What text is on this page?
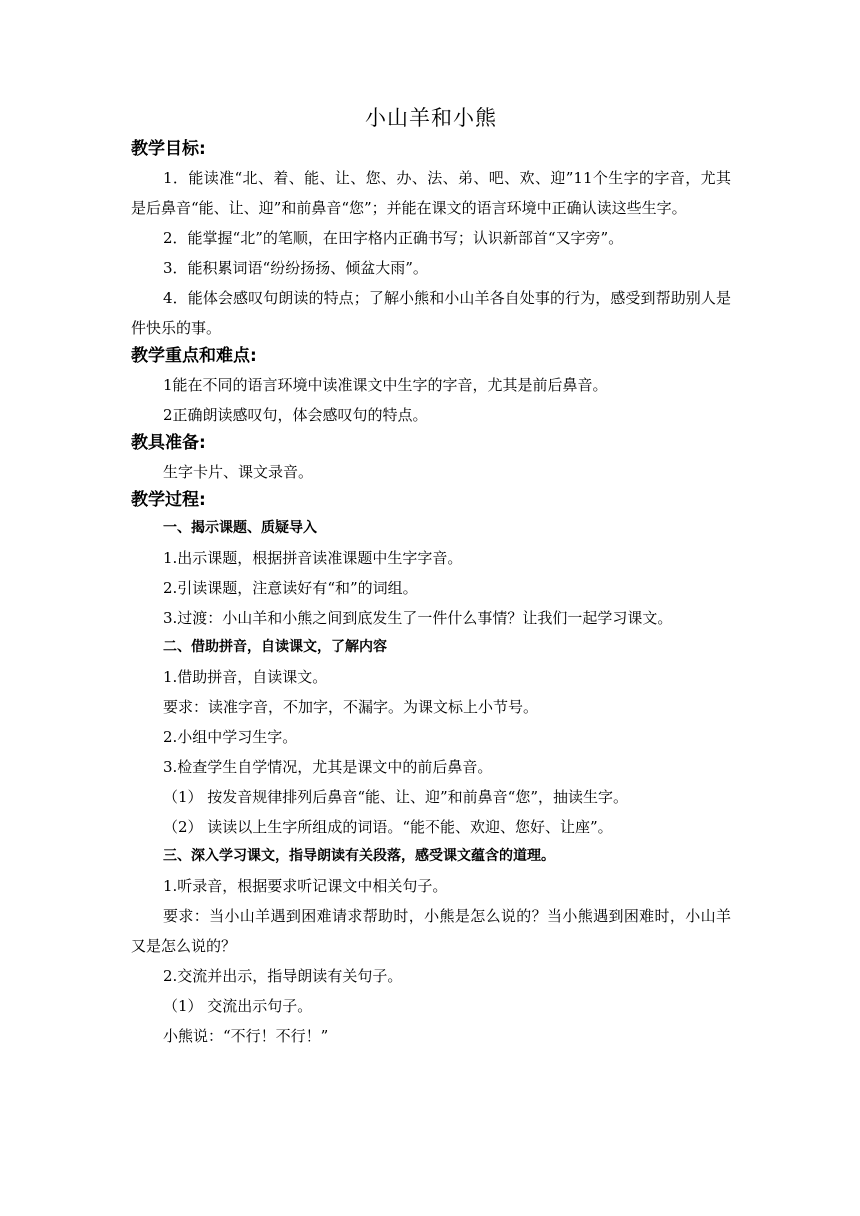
小山羊和小熊
教学目标:

1．能读准“北、着、能、让、您、办、法、弟、吧、欢、迎”11个生字的字音，尤其是后鼻音“能、让、迎”和前鼻音“您”；并能在课文的语言环境中正确认读这些生字。

2．能掌握“北”的笔顺，在田字格内正确书写；认识新部首“又字旁”。

3．能积累词语“纷纷扬扬、倾盆大雨”。

4．能体会感叹句朗读的特点；了解小熊和小山羊各自处事的行为，感受到帮助别人是件快乐的事。

教学重点和难点:

1能在不同的语言环境中读准课文中生字的字音，尤其是前后鼻音。

2正确朗读感叹句，体会感叹句的特点。

教具准备:

生字卡片、课文录音。

教学过程:
一、揭示课题、质疑导入

1.出示课题，根据拼音读准课题中生字字音。

2.引读课题，注意读好有“和”的词组。

3.过渡：小山羊和小熊之间到底发生了一件什么事情？让我们一起学习课文。

二、借助拼音，自读课文，了解内容

1.借助拼音，自读课文。

要求：读准字音，不加字，不漏字。为课文标上小节号。

2.小组中学习生字。

3.检查学生自学情况，尤其是课文中的前后鼻音。

（1） 按发音规律排列后鼻音“能、让、迎”和前鼻音“您”，抽读生字。

（2） 读读以上生字所组成的词语。“能不能、欢迎、您好、让座”。

三、深入学习课文，指导朗读有关段落，感受课文蕴含的道理。

1.听录音，根据要求听记课文中相关句子。

要求：当小山羊遇到困难请求帮助时，小熊是怎么说的？当小熊遇到困难时，小山羊又是怎么说的？

2.交流并出示，指导朗读有关句子。

（1） 交流出示句子。

小熊说：“不行！不行！”
